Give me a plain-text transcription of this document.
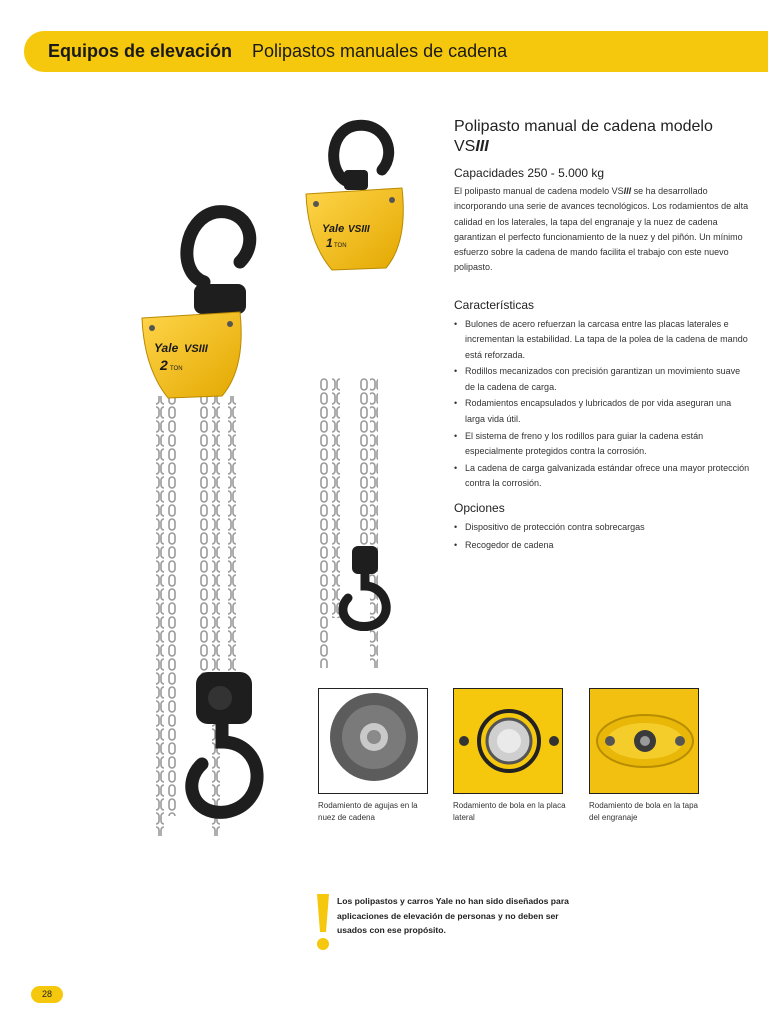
Equipos de elevación Polipastos manuales de cadena
Yale VSIII
1 TON
Yale VSIII
2 TON
Polipasto manual de cadena modelo VSIII
Capacidades 250 - 5.000 kg

El polipasto manual de cadena modelo VSIII se ha desarrollado incorporando una serie de avances tecnológicos. Los rodamientos de alta calidad en los laterales, la tapa del engranaje y la nuez de cadena garantizan el perfecto funcionamiento de la nuez y del piñón. Un mínimo esfuerzo sobre la cadena de mando facilita el trabajo con este nuevo polipasto.

Características
• Bulones de acero refuerzan la carcasa entre las placas laterales e incrementan la estabilidad. La tapa de la polea de la cadena de mando está reforzada.
• Rodillos mecanizados con precisión garantizan un movimiento suave de la cadena de carga.
• Rodamientos encapsulados y lubricados de por vida aseguran una larga vida útil.
• El sistema de freno y los rodillos para guiar la cadena están especialmente protegidos contra la corrosión.
• La cadena de carga galvanizada estándar ofrece una mayor protección contra la corrosión.
Opciones
• Dispositivo de protección contra sobrecargas
• Recogedor de cadena
Rodamiento de agujas en la nuez de cadena
Rodamiento de bola en la placa lateral
Rodamiento de bola en la tapa del engranaje
Los polipastos y carros Yale no han sido diseñados para aplicaciones de elevación de personas y no deben ser usados con ese propósito.
28
